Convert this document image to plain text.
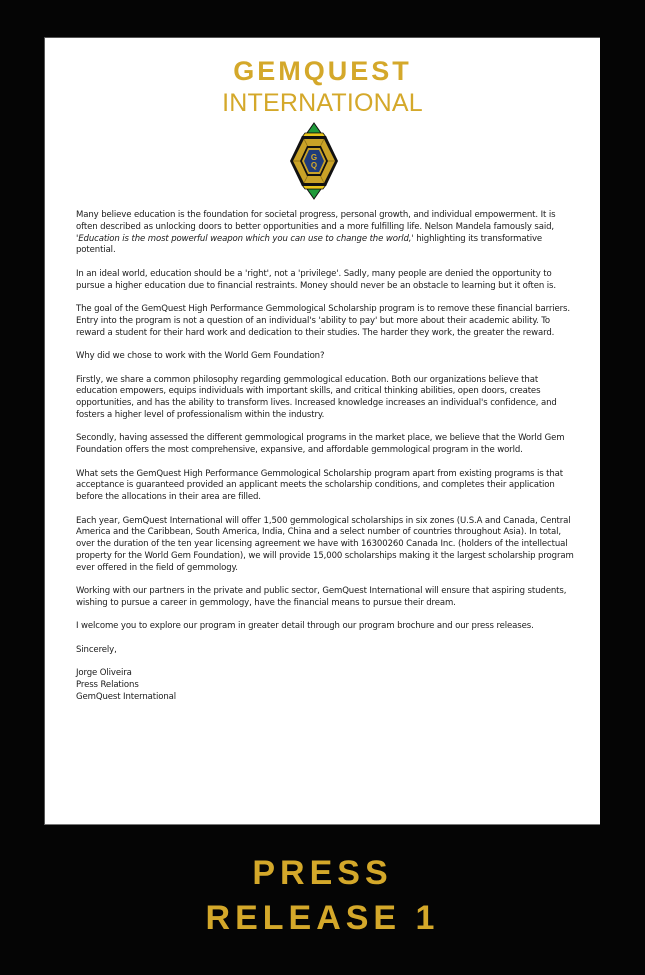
GEMQUEST
INTERNATIONAL
G
Q

Many believe education is the foundation for societal progress, personal growth, and individual empowerment. It is often described as unlocking doors to better opportunities and a more fulfilling life. Nelson Mandela famously said, 'Education is the most powerful weapon which you can use to change the world,' highlighting its transformative potential.

In an ideal world, education should be a 'right', not a 'privilege'. Sadly, many people are denied the opportunity to pursue a higher education due to financial restraints. Money should never be an obstacle to learning but it often is.

The goal of the GemQuest High Performance Gemmological Scholarship program is to remove these financial barriers. Entry into the program is not a question of an individual's 'ability to pay' but more about their academic ability. To reward a student for their hard work and dedication to their studies. The harder they work, the greater the reward.

Why did we chose to work with the World Gem Foundation?

Firstly, we share a common philosophy regarding gemmological education. Both our organizations believe that education empowers, equips individuals with important skills, and critical thinking abilities, open doors, creates opportunities, and has the ability to transform lives. Increased knowledge increases an individual's confidence, and fosters a higher level of professionalism within the industry.

Secondly, having assessed the different gemmological programs in the market place, we believe that the World Gem Foundation offers the most comprehensive, expansive, and affordable gemmological program in the world.

What sets the GemQuest High Performance Gemmological Scholarship program apart from existing programs is that acceptance is guaranteed provided an applicant meets the scholarship conditions, and completes their application before the allocations in their area are filled.

Each year, GemQuest International will offer 1,500 gemmological scholarships in six zones (U.S.A and Canada, Central America and the Caribbean, South America, India, China and a select number of countries throughout Asia). In total, over the duration of the ten year licensing agreement we have with 16300260 Canada Inc. (holders of the intellectual property for the World Gem Foundation), we will provide 15,000 scholarships making it the largest scholarship program ever offered in the field of gemmology.

Working with our partners in the private and public sector, GemQuest International will ensure that aspiring students, wishing to pursue a career in gemmology, have the financial means to pursue their dream.

I welcome you to explore our program in greater detail through our program brochure and our press releases.

Sincerely,

Jorge Oliveira

Press Relations

GemQuest International

PRESS
RELEASE 1
